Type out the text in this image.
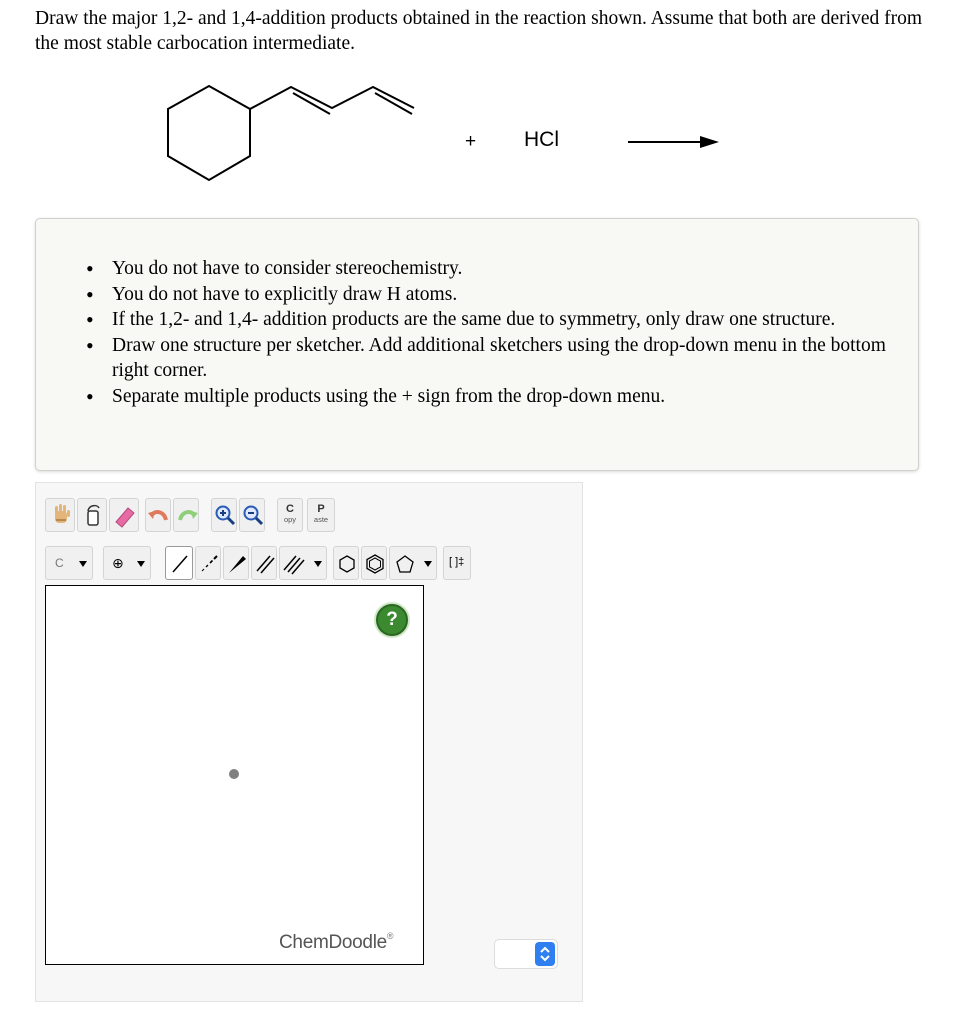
Draw the major 1,2- and 1,4-addition products obtained in the reaction shown. Assume that both are derived from the most stable carbocation intermediate.
+ HCl
• You do not have to consider stereochemistry.
• You do not have to explicitly draw H atoms.
• If the 1,2- and 1,4- addition products are the same due to symmetry, only draw one structure.
• Draw one structure per sketcher. Add additional sketchers using the drop-down menu in the bottom right corner.
• Separate multiple products using the + sign from the drop-down menu.
C
opy
P
aste
C	⊕	[ ]‡
?
ChemDoodle®
